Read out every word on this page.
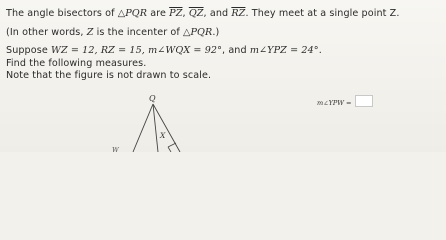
The angle bisectors of △PQR are $\overline{PZ}$, $\overline{QZ}$, and $\overline{RZ}$. They meet at a single point Z.
(In other words, Z is the incenter of △PQR.)
Suppose WZ = 12, RZ = 15, m∠WQX = 92°, and m∠YPZ = 24°.
Find the following measures.
Note that the figure is not drawn to scale.
Q
X
W
m∠YPW =
